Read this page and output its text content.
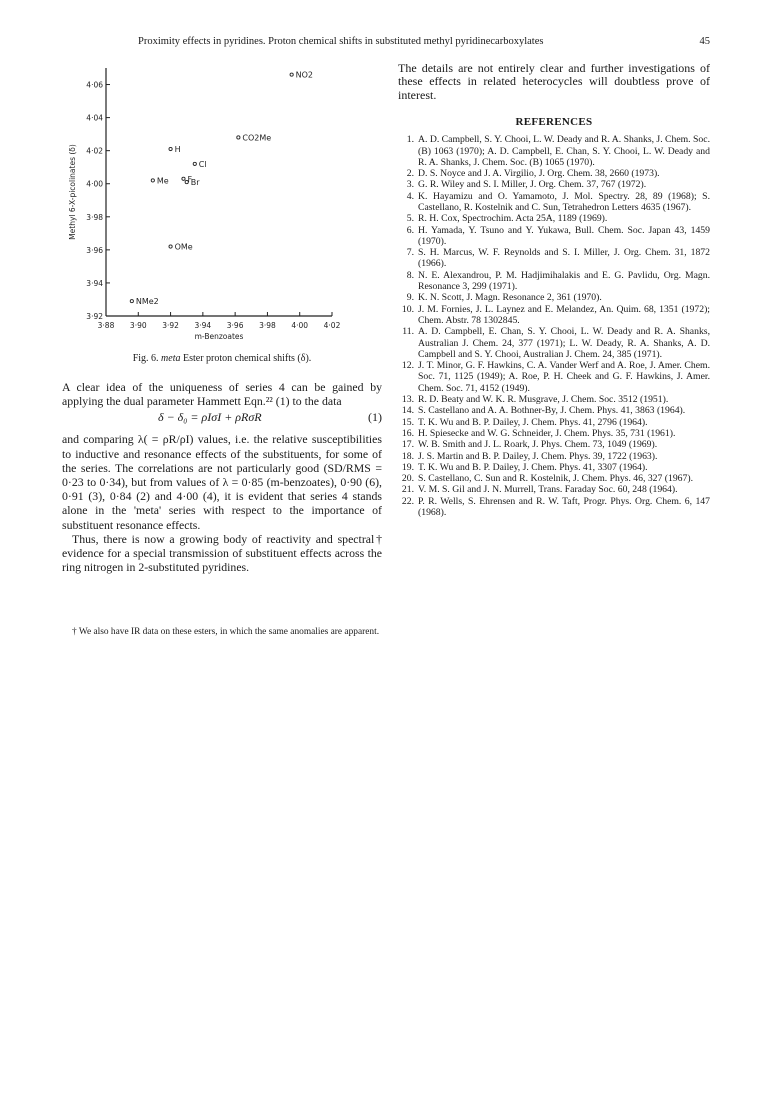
Proximity effects in pyridines. Proton chemical shifts in substituted methyl pyridinecarboxylates	45
3·88 3·90 3·92 3·94 3·96 3·98 4·00 4·02
3·92
3·94
3·96
3·98
4·00
4·02
4·04
4·06
m-Benzoates
Methyl 6-X-picolinates (δ)
NO2
CO2Me
H
Cl
Me F
Br
OMe
NMe2
Fig. 6. meta Ester proton chemical shifts (δ).

A clear idea of the uniqueness of series 4 can be gained by applying the dual parameter Hammett Eqn.²² (1) to the data

δ − δ₀ = ρIσI + ρRσR	(1)

and comparing λ( = ρR/ρI) values, i.e. the relative susceptibilities to inductive and resonance effects of the substituents, for some of the series. The correlations are not particularly good (SD/RMS = 0·23 to 0·34), but from values of λ = 0·85 (m-benzoates), 0·90 (6), 0·91 (3), 0·84 (2) and 4·00 (4), it is evident that series 4 stands alone in the 'meta' series with respect to the importance of substituent resonance effects.

Thus, there is now a growing body of reactivity and spectral† evidence for a special transmission of substituent effects across the ring nitrogen in 2-substituted pyridines.

† We also have IR data on these esters, in which the same anomalies are apparent.

The details are not entirely clear and further investigations of these effects in related heterocycles will doubtless prove of interest.

REFERENCES
1. A. D. Campbell, S. Y. Chooi, L. W. Deady and R. A. Shanks, J. Chem. Soc. (B) 1063 (1970); A. D. Campbell, E. Chan, S. Y. Chooi, L. W. Deady and R. A. Shanks, J. Chem. Soc. (B) 1065 (1970).
2. D. S. Noyce and J. A. Virgilio, J. Org. Chem. 38, 2660 (1973).
3. G. R. Wiley and S. I. Miller, J. Org. Chem. 37, 767 (1972).
4. K. Hayamizu and O. Yamamoto, J. Mol. Spectry. 28, 89 (1968); S. Castellano, R. Kostelnik and C. Sun, Tetrahedron Letters 4635 (1967).
5. R. H. Cox, Spectrochim. Acta 25A, 1189 (1969).
6. H. Yamada, Y. Tsuno and Y. Yukawa, Bull. Chem. Soc. Japan 43, 1459 (1970).
7. S. H. Marcus, W. F. Reynolds and S. I. Miller, J. Org. Chem. 31, 1872 (1966).
8. N. E. Alexandrou, P. M. Hadjimihalakis and E. G. Pavlidu, Org. Magn. Resonance 3, 299 (1971).
9. K. N. Scott, J. Magn. Resonance 2, 361 (1970).
10. J. M. Fornies, J. L. Laynez and E. Melandez, An. Quim. 68, 1351 (1972); Chem. Abstr. 78 1302845.
11. A. D. Campbell, E. Chan, S. Y. Chooi, L. W. Deady and R. A. Shanks, Australian J. Chem. 24, 377 (1971); L. W. Deady, R. A. Shanks, A. D. Campbell and S. Y. Chooi, Australian J. Chem. 24, 385 (1971).
12. J. T. Minor, G. F. Hawkins, C. A. Vander Werf and A. Roe, J. Amer. Chem. Soc. 71, 1125 (1949); A. Roe, P. H. Cheek and G. F. Hawkins, J. Amer. Chem. Soc. 71, 4152 (1949).
13. R. D. Beaty and W. K. R. Musgrave, J. Chem. Soc. 3512 (1951).
14. S. Castellano and A. A. Bothner-By, J. Chem. Phys. 41, 3863 (1964).
15. T. K. Wu and B. P. Dailey, J. Chem. Phys. 41, 2796 (1964).
16. H. Spiesecke and W. G. Schneider, J. Chem. Phys. 35, 731 (1961).
17. W. B. Smith and J. L. Roark, J. Phys. Chem. 73, 1049 (1969).
18. J. S. Martin and B. P. Dailey, J. Chem. Phys. 39, 1722 (1963).
19. T. K. Wu and B. P. Dailey, J. Chem. Phys. 41, 3307 (1964).
20. S. Castellano, C. Sun and R. Kostelnik, J. Chem. Phys. 46, 327 (1967).
21. V. M. S. Gil and J. N. Murrell, Trans. Faraday Soc. 60, 248 (1964).
22. P. R. Wells, S. Ehrensen and R. W. Taft, Progr. Phys. Org. Chem. 6, 147 (1968).
